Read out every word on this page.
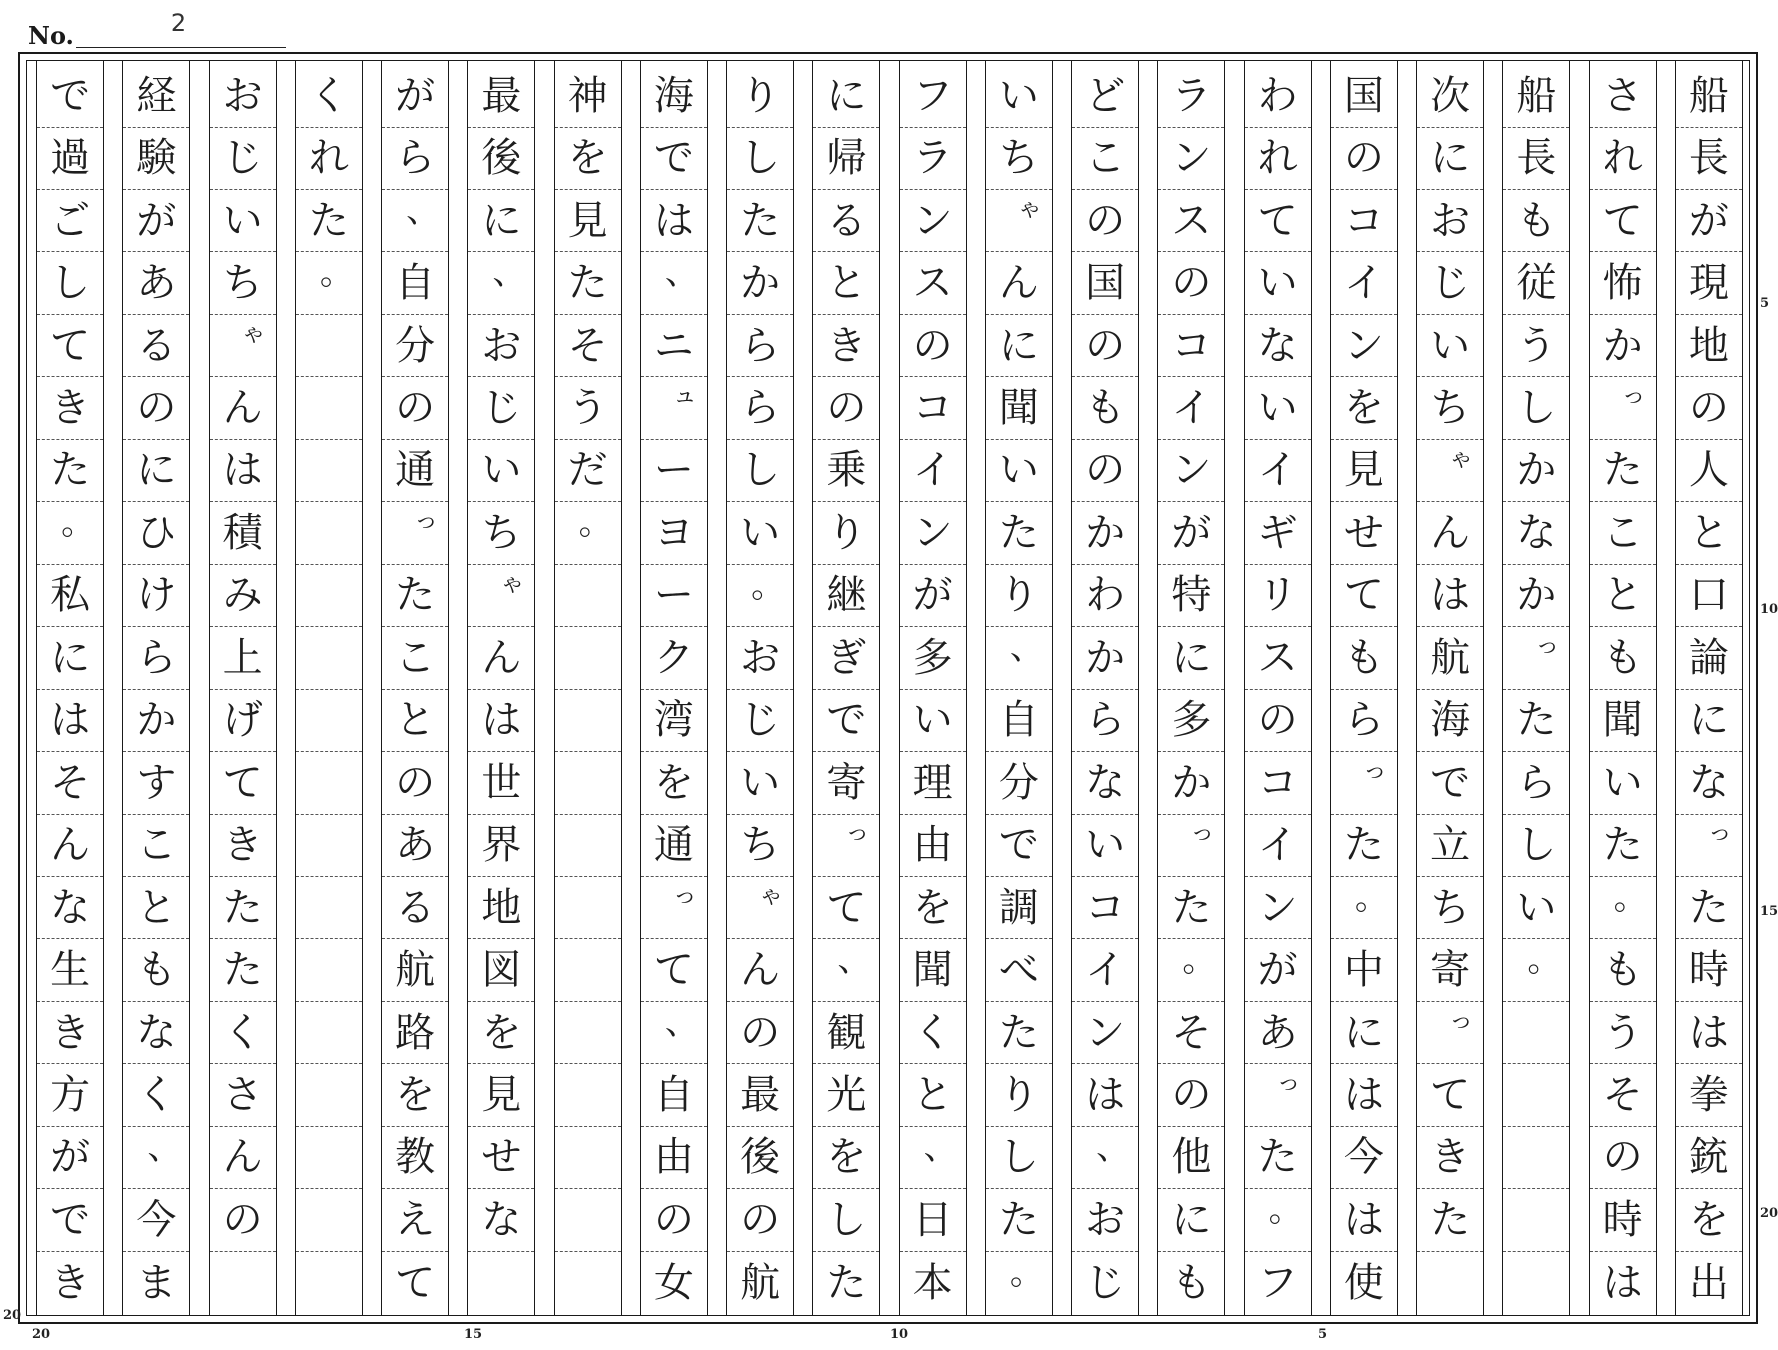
No.	2
船
長
が
現
地
の
人
と
口
論
に
な
っ
た
時
は
拳
銃
を
出
さ
れ
て
怖
か
っ
た
こ
と
も
聞
い
た
。
も
う
そ
の
時
は
船
長
も
従
う
し
か
な
か
っ
た
ら
し
い
。
次
に
お
じ
い
ち
ゃ
ん
は
航
海
で
立
ち
寄
っ
て
き
た
国
の
コ
イ
ン
を
見
せ
て
も
ら
っ
た
。
中
に
は
今
は
使
わ
れ
て
い
な
い
イ
ギ
リ
ス
の
コ
イ
ン
が
あ
っ
た
。
フ
ラ
ン
ス
の
コ
イ
ン
が
特
に
多
か
っ
た
。
そ
の
他
に
も
ど
こ
の
国
の
も
の
か
わ
か
ら
な
い
コ
イ
ン
は
、
お
じ
い
ち
ゃ
ん
に
聞
い
た
り
、
自
分
で
調
べ
た
り
し
た
。
フ
ラ
ン
ス
の
コ
イ
ン
が
多
い
理
由
を
聞
く
と
、
日
本
に
帰
る
と
き
の
乗
り
継
ぎ
で
寄
っ
て
、
観
光
を
し
た
り
し
た
か
ら
ら
し
い
。
お
じ
い
ち
ゃ
ん
の
最
後
の
航
海
で
は
、
ニ
ュ
ー
ヨ
ー
ク
湾
を
通
っ
て
、
自
由
の
女
神
を
見
た
そ
う
だ
。
最
後
に
、
お
じ
い
ち
ゃ
ん
は
世
界
地
図
を
見
せ
な
が
ら
、
自
分
の
通
っ
た
こ
と
の
あ
る
航
路
を
教
え
て
く
れ
た
。
お
じ
い
ち
ゃ
ん
は
積
み
上
げ
て
き
た
た
く
さ
ん
の
経
験
が
あ
る
の
に
ひ
け
ら
か
す
こ
と
も
な
く
、
今
ま
で
過
ご
し
て
き
た
。
私
に
は
そ
ん
な
生
き
方
が
で
き
5
10
15
20
20
20	15	10	5
